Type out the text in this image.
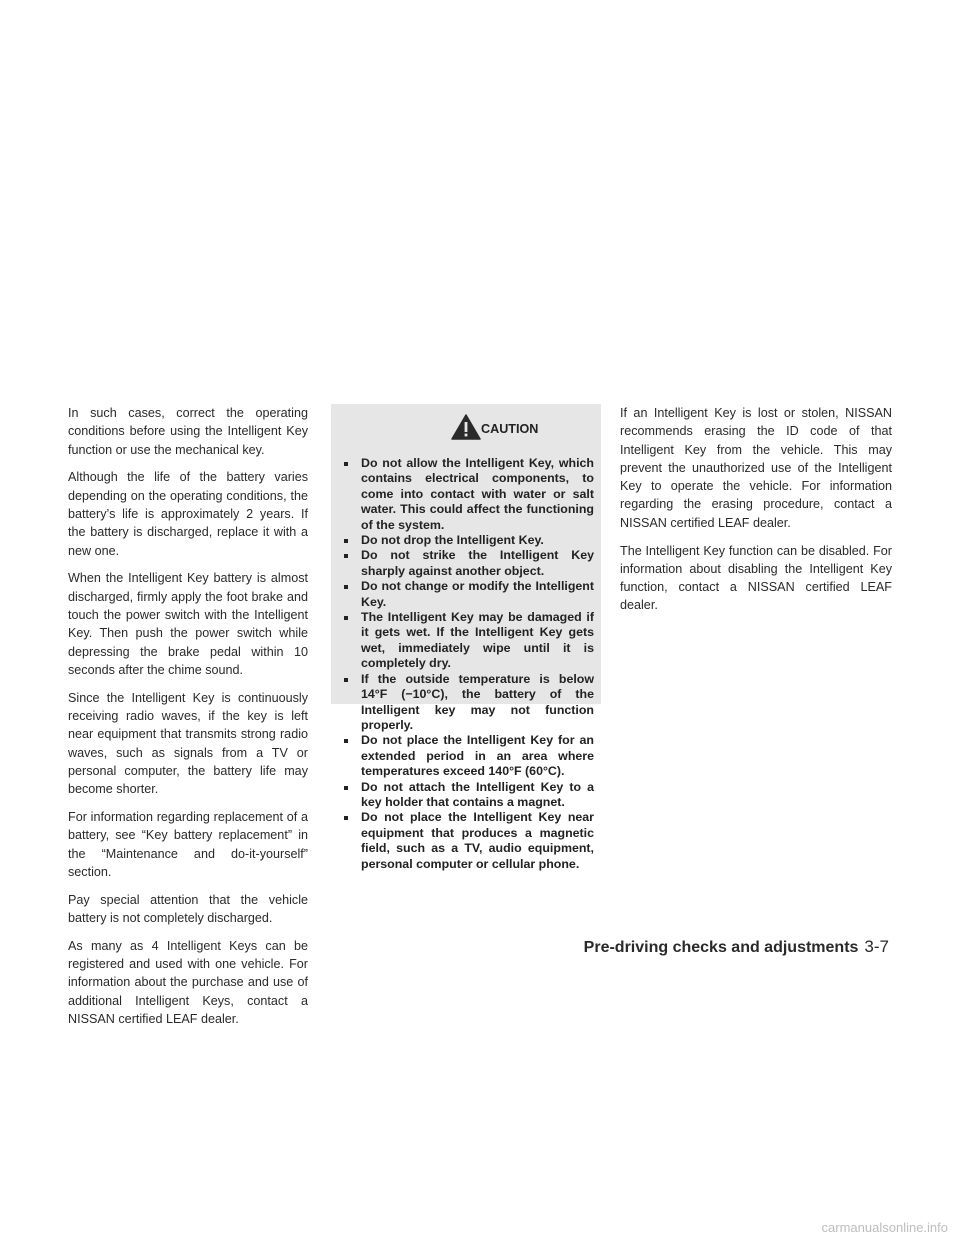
In such cases, correct the operating conditions before using the Intelligent Key function or use the mechanical key.

Although the life of the battery varies depending on the operating conditions, the battery’s life is approximately 2 years. If the battery is discharged, replace it with a new one.

When the Intelligent Key battery is almost discharged, firmly apply the foot brake and touch the power switch with the Intelligent Key. Then push the power switch while depressing the brake pedal within 10 seconds after the chime sound.

Since the Intelligent Key is continuously receiving radio waves, if the key is left near equipment that transmits strong radio waves, such as signals from a TV or personal computer, the battery life may become shorter.

For information regarding replacement of a battery, see “Key battery replacement” in the “Maintenance and do-it-yourself” section.

Pay special attention that the vehicle battery is not completely discharged.

As many as 4 Intelligent Keys can be registered and used with one vehicle. For information about the purchase and use of additional Intelligent Keys, contact a NISSAN certified LEAF dealer.

CAUTION
Do not allow the Intelligent Key, which contains electrical components, to come into contact with water or salt water. This could affect the functioning of the system.
Do not drop the Intelligent Key.
Do not strike the Intelligent Key sharply against another object.
Do not change or modify the Intelligent Key.
The Intelligent Key may be damaged if it gets wet. If the Intelligent Key gets wet, immediately wipe until it is completely dry.
If the outside temperature is below 14°F (−10°C), the battery of the Intelligent key may not function properly.
Do not place the Intelligent Key for an extended period in an area where temperatures exceed 140°F (60°C).
Do not attach the Intelligent Key to a key holder that contains a magnet.
Do not place the Intelligent Key near equipment that produces a magnetic field, such as a TV, audio equipment, personal computer or cellular phone.

If an Intelligent Key is lost or stolen, NISSAN recommends erasing the ID code of that Intelligent Key from the vehicle. This may prevent the unauthorized use of the Intelligent Key to operate the vehicle. For information regarding the erasing procedure, contact a NISSAN certified LEAF dealer.

The Intelligent Key function can be disabled. For information about disabling the Intelligent Key function, contact a NISSAN certified LEAF dealer.

Pre-driving checks and adjustments 3-7
carmanualsonline.info
